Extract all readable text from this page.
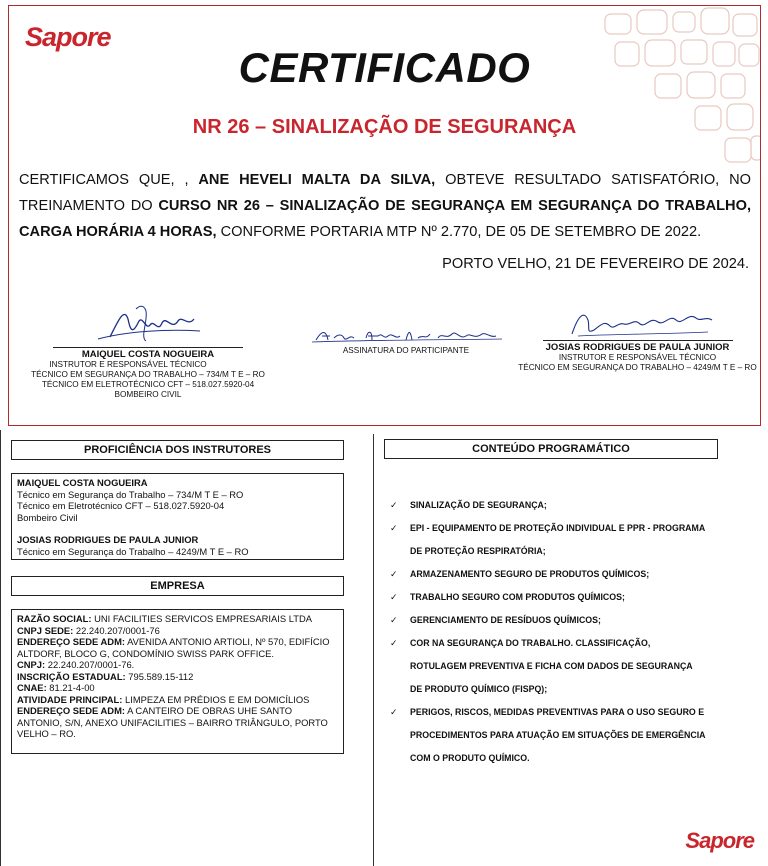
Sapore
CERTIFICADO
NR 26 – SINALIZAÇÃO DE SEGURANÇA
CERTIFICAMOS QUE, , ANE HEVELI MALTA DA SILVA, OBTEVE RESULTADO SATISFATÓRIO, NO TREINAMENTO DO CURSO NR 26 – SINALIZAÇÃO DE SEGURANÇA EM SEGURANÇA DO TRABALHO, CARGA HORÁRIA 4 HORAS, CONFORME PORTARIA MTP Nº 2.770, DE 05 DE SETEMBRO DE 2022.
PORTO VELHO, 21 DE FEVEREIRO DE 2024.
MAIQUEL COSTA NOGUEIRA
INSTRUTOR E RESPONSÁVEL TÉCNICO
TÉCNICO EM SEGURANÇA DO TRABALHO – 734/M T E – RO
TÉCNICO EM ELETROTÉCNICO CFT – 518.027.5920-04
BOMBEIRO CIVIL
ASSINATURA DO PARTICIPANTE	JOSIAS RODRIGUES DE PAULA JUNIOR
INSTRUTOR E RESPONSÁVEL TÉCNICO
TÉCNICO EM SEGURANÇA DO TRABALHO – 4249/M T E – RO
PROFICIÊNCIA DOS INSTRUTORES
MAIQUEL COSTA NOGUEIRA
Técnico em Segurança do Trabalho – 734/M T E – RO
Técnico em Eletrotécnico CFT – 518.027.5920-04
Bombeiro Civil
JOSIAS RODRIGUES DE PAULA JUNIOR
Técnico em Segurança do Trabalho – 4249/M T E – RO
EMPRESA
RAZÃO SOCIAL: UNI FACILITIES SERVICOS EMPRESARIAIS LTDA
CNPJ SEDE: 22.240.207/0001-76
ENDEREÇO SEDE ADM: AVENIDA ANTONIO ARTIOLI, Nº 570, EDIFÍCIO ALTDORF, BLOCO G, CONDOMÍNIO SWISS PARK OFFICE.
CNPJ: 22.240.207/0001-76.
INSCRIÇÃO ESTADUAL: 795.589.15-112
CNAE: 81.21-4-00
ATIVIDADE PRINCIPAL: LIMPEZA EM PRÉDIOS E EM DOMICÍLIOS
ENDEREÇO SEDE ADM: A CANTEIRO DE OBRAS UHE SANTO ANTONIO, S/N, ANEXO UNIFACILITIES – BAIRRO TRIÂNGULO, PORTO VELHO – RO.
CONTEÚDO PROGRAMÁTICO
✓ SINALIZAÇÃO DE SEGURANÇA;
✓ EPI - EQUIPAMENTO DE PROTEÇÃO INDIVIDUAL E PPR - PROGRAMA
DE PROTEÇÃO RESPIRATÓRIA;
✓ ARMAZENAMENTO SEGURO DE PRODUTOS QUÍMICOS;
✓ TRABALHO SEGURO COM PRODUTOS QUÍMICOS;
✓ GERENCIAMENTO DE RESÍDUOS QUÍMICOS;
✓ COR NA SEGURANÇA DO TRABALHO. CLASSIFICAÇÃO,
ROTULAGEM PREVENTIVA E FICHA COM DADOS DE SEGURANÇA
DE PRODUTO QUÍMICO (FISPQ);
✓ PERIGOS, RISCOS, MEDIDAS PREVENTIVAS PARA O USO SEGURO E
PROCEDIMENTOS PARA ATUAÇÃO EM SITUAÇÕES DE EMERGÊNCIA
COM O PRODUTO QUÍMICO.
Sapore
